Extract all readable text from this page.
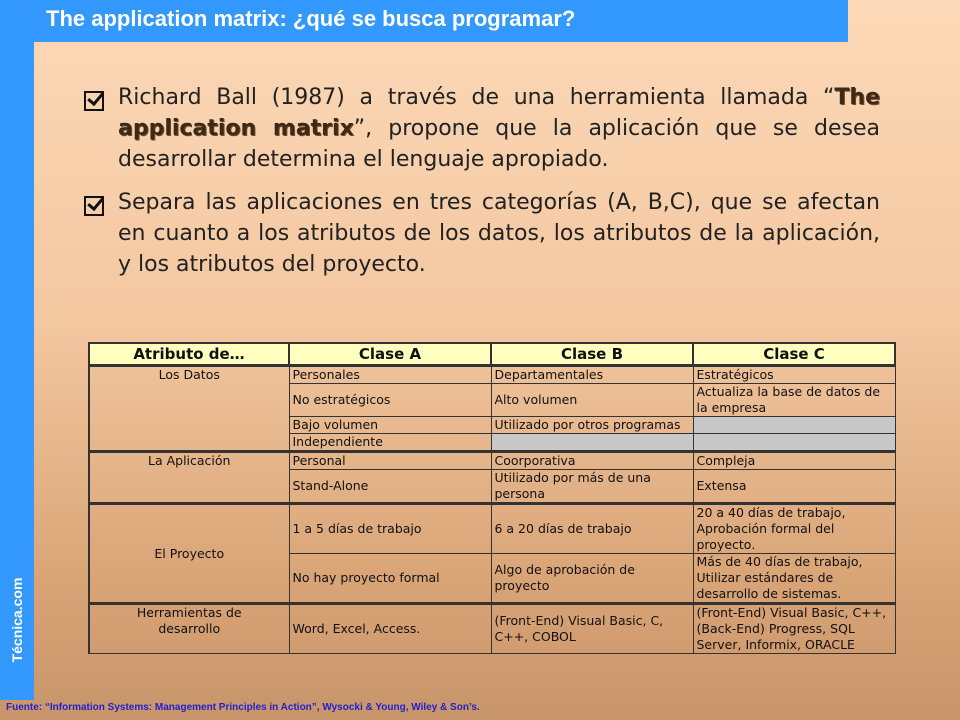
Técnica.com
The application matrix: ¿qué se busca programar?
Richard Ball (1987) a través de una herramienta llamada “The application matrix”, propone que la aplicación que se desea desarrollar determina el lenguaje apropiado.
Separa las aplicaciones en tres categorías (A, B,C), que se afectan en cuanto a los atributos de los datos, los atributos de la aplicación, y los atributos del proyecto.
Atributo de…	Clase A	Clase B	Clase C
Los Datos	Personales	Departamentales	Estratégicos
	No estratégicos	Alto volumen	Actualiza la base de datos de la empresa
	Bajo volumen	Utilizado por otros programas	
	Independiente		
La Aplicación	Personal	Coorporativa	Compleja
	Stand-Alone	Utilizado por más de una persona	Extensa
El Proyecto	1 a 5 días de trabajo	6 a 20 días de trabajo	20 a 40 días de trabajo, Aprobación formal del proyecto.
	No hay proyecto formal	Algo de aprobación de proyecto	Más de 40 días de trabajo, Utilizar estándares de desarrollo de sistemas.
Herramientas de desarrollo	Word, Excel, Access.	(Front-End) Visual Basic, C, C++, COBOL	(Front-End) Visual Basic, C++, (Back-End) Progress, SQL Server, Informix, ORACLE
Fuente: “Information Systems: Management Principles in Action”, Wysocki & Young, Wiley & Son’s.
